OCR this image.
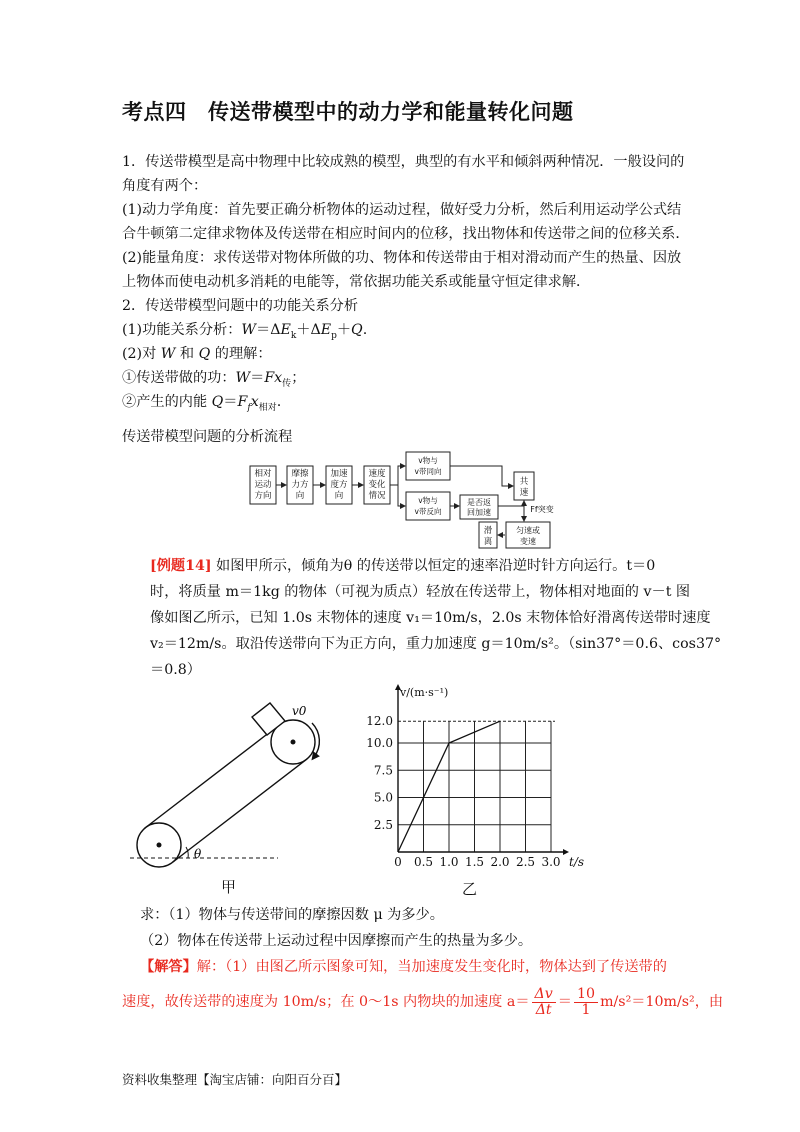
考点四　传送带模型中的动力学和能量转化问题
1．传送带模型是高中物理中比较成熟的模型，典型的有水平和倾斜两种情况．一般设问的
角度有两个：
(1)动力学角度：首先要正确分析物体的运动过程，做好受力分析，然后利用运动学公式结
合牛顿第二定律求物体及传送带在相应时间内的位移，找出物体和传送带之间的位移关系．
(2)能量角度：求传送带对物体所做的功、物体和传送带由于相对滑动而产生的热量、因放
上物体而使电动机多消耗的电能等，常依据功能关系或能量守恒定律求解．
2．传送带模型问题中的功能关系分析
(1)功能关系分析：$W=\Delta E_k+\Delta E_p+Q$.
(2)对 W 和 Q 的理解：
①传送带做的功：$W=Fx_传$；
②产生的内能 $Q=F_fx_{相对}$.
传送带模型问题的分析流程
相对
运动
方向
摩擦
力方
向
加速
度方
向
速度
变化
情况
v物与
v带同向
v物与
v带反向
是否返
回加速
共
速
Ff突变
匀速或
变速
滑
离
[例题14] 如图甲所示，倾角为θ 的传送带以恒定的速率沿逆时针方向运行。t＝0
时，将质量 m＝1kg 的物体（可视为质点）轻放在传送带上，物体相对地面的 v－t 图
像如图乙所示，已知 1.0s 末物体的速度 v₁＝10m/s，2.0s 末物体恰好滑离传送带时速度
v₂＝12m/s。取沿传送带向下为正方向，重力加速度 g＝10m/s²。（sin37°＝0.6、cos37°
＝0.8）
v0
θ
甲
0 0.5 1.0 1.5 2.0 2.5 3.0
2.5
5.0
7.5
10.0
12.0
v/(m·s⁻¹)
t/s
乙
求：（1）物体与传送带间的摩擦因数 μ 为多少。
（2）物体在传送带上运动过程中因摩擦而产生的热量为多少。
【解答】解：（1）由图乙所示图象可知，当加速度发生变化时，物体达到了传送带的
速度，故传送带的速度为 10m/s；在 0～1s 内物块的加速度 $a= \frac{\Delta v}{\Delta t} = \frac{10}{1} m/s^2=10m/s^2$，由
资料收集整理【淘宝店铺：向阳百分百】
